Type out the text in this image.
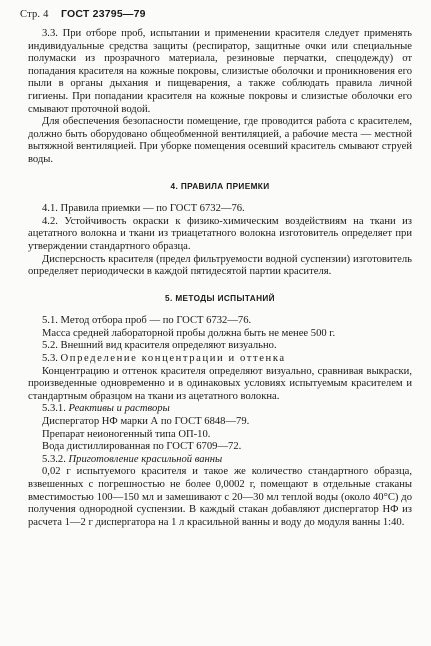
Стр. 4 ГОСТ 23795—79

3.3. При отборе проб, испытании и применении красителя следует применять индивидуальные средства защиты (респиратор, защитные очки или специальные полумаски из прозрачного материала, резиновые перчатки, спецодежду) от попадания красителя на кожные покровы, слизистые оболочки и проникновения его пыли в органы дыхания и пищеварения, а также соблюдать правила личной гигиены. При попадании красителя на кожные покровы и слизистые оболочки его смывают проточной водой.

Для обеспечения безопасности помещение, где проводится работа с красителем, должно быть оборудовано общеобменной вентиляцией, а рабочие места — местной вытяжной вентиляцией. При уборке помещения осевший краситель смывают струей воды.

4. ПРАВИЛА ПРИЕМКИ

4.1. Правила приемки — по ГОСТ 6732—76.

4.2. Устойчивость окраски к физико-химическим воздействиям на ткани из ацетатного волокна и ткани из триацетатного волокна изготовитель определяет при утверждении стандартного образца.

Дисперсность красителя (предел фильтруемости водной суспензии) изготовитель определяет периодически в каждой пятидесятой партии красителя.

5. МЕТОДЫ ИСПЫТАНИЙ

5.1. Метод отбора проб — по ГОСТ 6732—76.

Масса средней лабораторной пробы должна быть не менее 500 г.

5.2. Внешний вид красителя определяют визуально.

5.3. Определение концентрации и оттенка

Концентрацию и оттенок красителя определяют визуально, сравнивая выкраски, произведенные одновременно и в одинаковых условиях испытуемым красителем и стандартным образцом на ткани из ацетатного волокна.

5.3.1. Реактивы и растворы

Диспергатор НФ марки А по ГОСТ 6848—79.

Препарат неионогенный типа ОП-10.

Вода дистиллированная по ГОСТ 6709—72.

5.3.2. Приготовление красильной ванны

0,02 г испытуемого красителя и такое же количество стандартного образца, взвешенных с погрешностью не более 0,0002 г, помещают в отдельные стаканы вместимостью 100—150 мл и замешивают с 20—30 мл теплой воды (около 40°С) до получения однородной суспензии. В каждый стакан добавляют диспергатор НФ из расчета 1—2 г диспергатора на 1 л красильной ванны и воду до модуля ванны 1:40.
